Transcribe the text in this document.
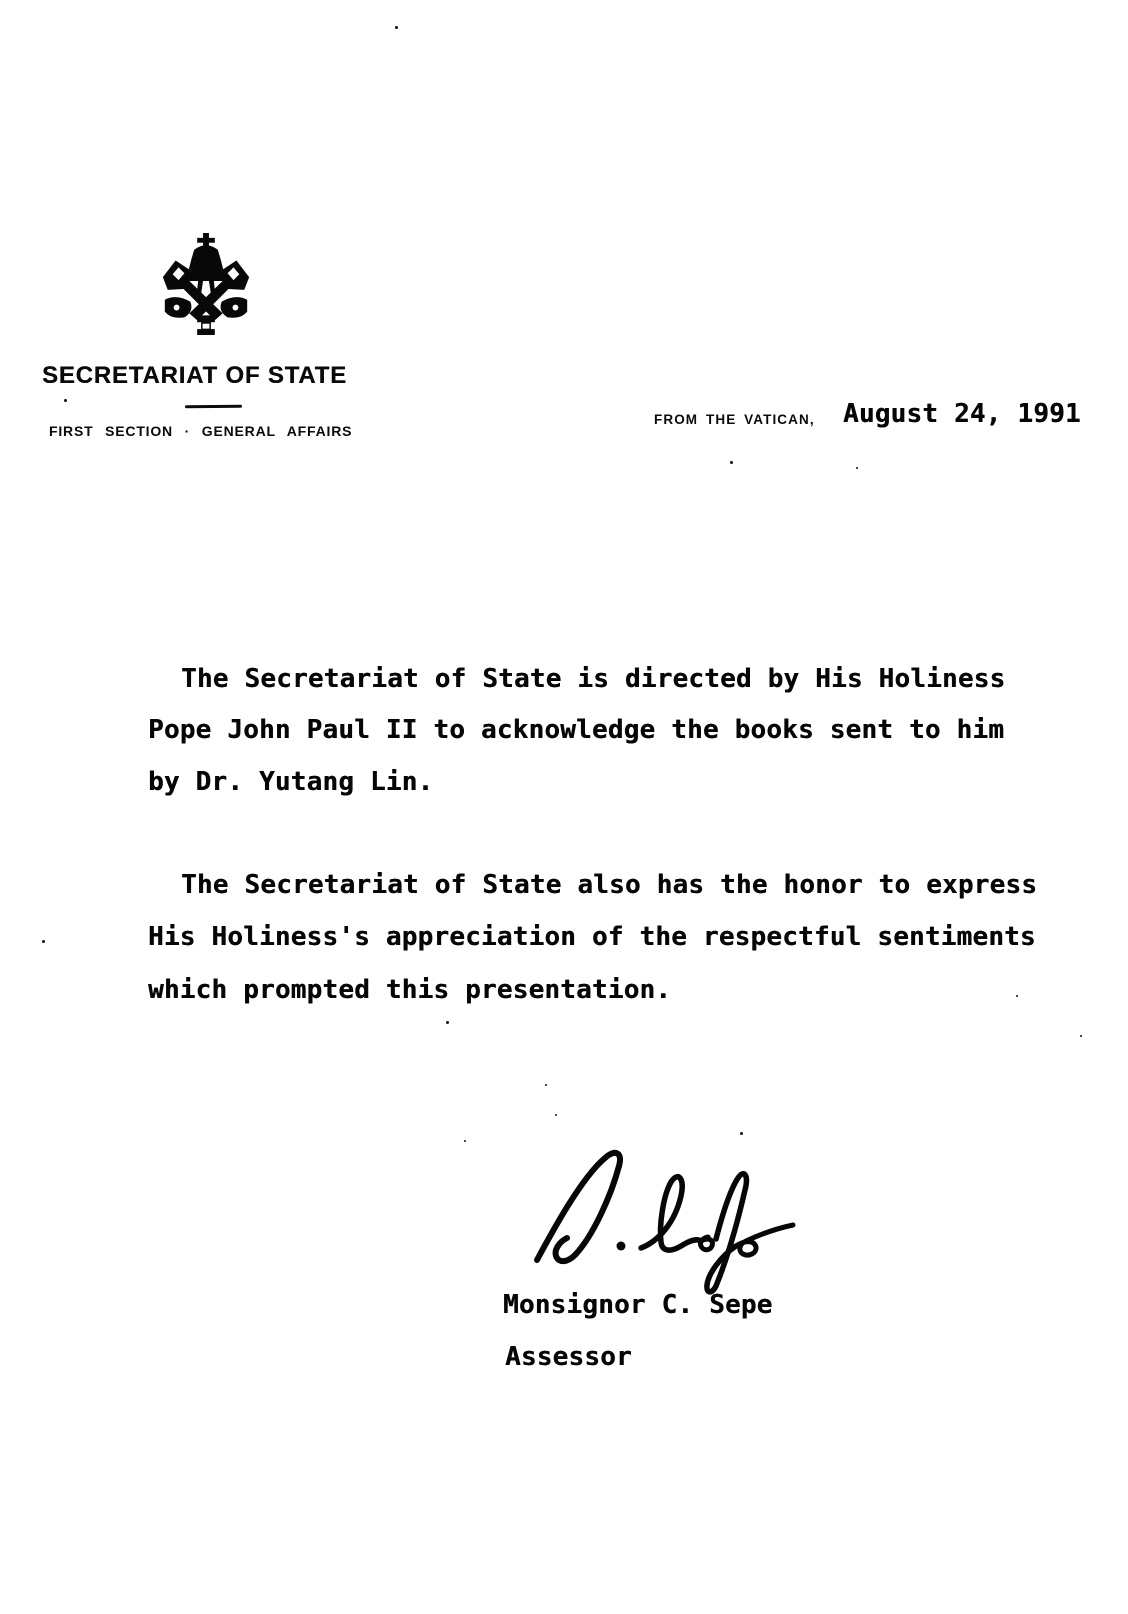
SECRETARIAT OF STATE
FIRST SECTION · GENERAL AFFAIRS
FROM THE VATICAN, August 24, 1991
The Secretariat of State is directed by His Holiness
Pope John Paul II to acknowledge the books sent to him
by Dr. Yutang Lin.
The Secretariat of State also has the honor to express
His Holiness's appreciation of the respectful sentiments
which prompted this presentation.
Monsignor C. Sepe
Assessor
